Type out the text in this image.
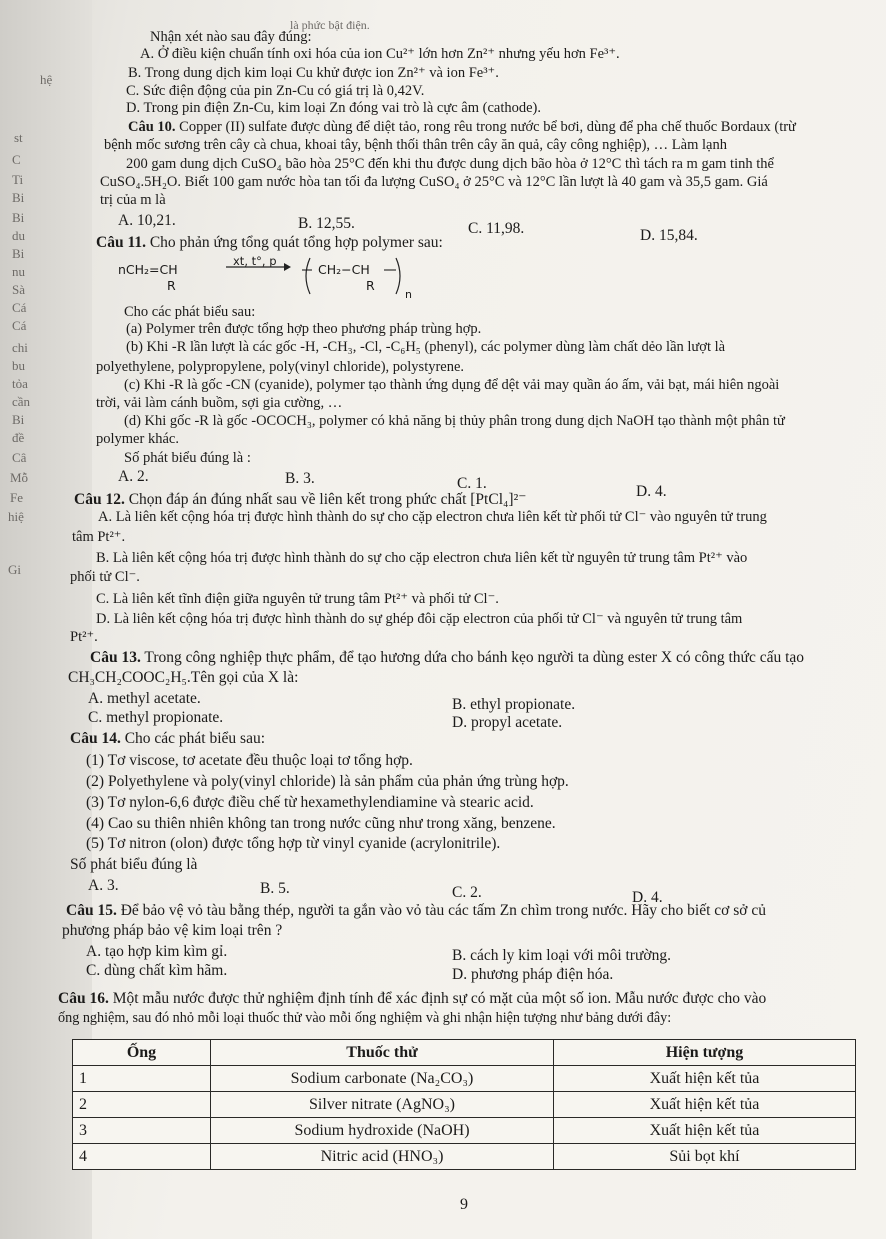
là phức bật điện.
hệ
st
C
Ti
Bi
Bi
du
Bi
nu
Sà
Cá
Cá
chi
bu
tỏa
cần
Bi
đề
Câ
Mỗ
Fe
hiệ
Gi
Nhận xét nào sau đây đúng:
A. Ở điều kiện chuẩn tính oxi hóa của ion Cu²⁺ lớn hơn Zn²⁺ nhưng yếu hơn Fe³⁺.
B. Trong dung dịch kim loại Cu khử được ion Zn²⁺ và ion Fe³⁺.
C. Sức điện động của pin Zn-Cu có giá trị là 0,42V.
D. Trong pin điện Zn-Cu, kim loại Zn đóng vai trò là cực âm (cathode).
Câu 10. Copper (II) sulfate được dùng để diệt tảo, rong rêu trong nước bể bơi, dùng để pha chế thuốc Bordaux (trừ
bệnh mốc sương trên cây cà chua, khoai tây, bệnh thối thân trên cây ăn quả, cây công nghiệp), … Làm lạnh
200 gam dung dịch CuSO₄ bão hòa 25°C đến khi thu được dung dịch bão hòa ở 12°C thì tách ra m gam tinh thể
CuSO₄.5H₂O. Biết 100 gam nước hòa tan tối đa lượng CuSO₄ ở 25°C và 12°C lần lượt là 40 gam và 35,5 gam. Giá
trị của m là
A. 10,21.	B. 12,55.	C. 11,98.	D. 15,84.
Câu 11. Cho phản ứng tổng quát tổng hợp polymer sau:
nCH₂=CH
R
xt, t°, p
CH₂−CH
R
n
Cho các phát biểu sau:
(a) Polymer trên được tổng hợp theo phương pháp trùng hợp.
(b) Khi -R lần lượt là các gốc -H, -CH₃, -Cl, -C₆H₅ (phenyl), các polymer dùng làm chất dẻo lần lượt là
polyethylene, polypropylene, poly(vinyl chloride), polystyrene.
(c) Khi -R là gốc -CN (cyanide), polymer tạo thành ứng dụng để dệt vải may quần áo ấm, vải bạt, mái hiên ngoài
trời, vải làm cánh buồm, sợi gia cường, …
(d) Khi gốc -R là gốc -OCOCH₃, polymer có khả năng bị thủy phân trong dung dịch NaOH tạo thành một phân tử
polymer khác.
Số phát biểu đúng là :
A. 2.	B. 3.	C. 1.	D. 4.
Câu 12. Chọn đáp án đúng nhất sau về liên kết trong phức chất [PtCl₄]²⁻
A. Là liên kết cộng hóa trị được hình thành do sự cho cặp electron chưa liên kết từ phối tử Cl⁻ vào nguyên tử trung
tâm Pt²⁺.
B. Là liên kết cộng hóa trị được hình thành do sự cho cặp electron chưa liên kết từ nguyên tử trung tâm Pt²⁺ vào
phối tử Cl⁻.
C. Là liên kết tĩnh điện giữa nguyên tử trung tâm Pt²⁺ và phối tử Cl⁻.
D. Là liên kết cộng hóa trị được hình thành do sự ghép đôi cặp electron của phối tử Cl⁻ và nguyên tử trung tâm
Pt²⁺.
Câu 13. Trong công nghiệp thực phẩm, để tạo hương dứa cho bánh kẹo người ta dùng ester X có công thức cấu tạo
CH₃CH₂COOC₂H₅.Tên gọi của X là:
A. methyl acetate.	B. ethyl propionate.
C. methyl propionate.	D. propyl acetate.
Câu 14. Cho các phát biểu sau:
(1) Tơ viscose, tơ acetate đều thuộc loại tơ tổng hợp.
(2) Polyethylene và poly(vinyl chloride) là sản phẩm của phản ứng trùng hợp.
(3) Tơ nylon-6,6 được điều chế từ hexamethylendiamine và stearic acid.
(4) Cao su thiên nhiên không tan trong nước cũng như trong xăng, benzene.
(5) Tơ nitron (olon) được tổng hợp từ vinyl cyanide (acrylonitrile).
Số phát biểu đúng là
A. 3.	B. 5.	C. 2.	D. 4.
Câu 15. Để bảo vệ vỏ tàu bằng thép, người ta gắn vào vỏ tàu các tấm Zn chìm trong nước. Hãy cho biết cơ sở củ
phương pháp bảo vệ kim loại trên ?
A. tạo hợp kim kìm gỉ.	B. cách ly kim loại với môi trường.
C. dùng chất kìm hãm.	D. phương pháp điện hóa.
Câu 16. Một mẫu nước được thử nghiệm định tính để xác định sự có mặt của một số ion. Mẫu nước được cho vào
ống nghiệm, sau đó nhỏ mỗi loại thuốc thử vào mỗi ống nghiệm và ghi nhận hiện tượng như bảng dưới đây:
Ống	Thuốc thử	Hiện tượng
1	Sodium carbonate (Na₂CO₃)	Xuất hiện kết tủa
2	Silver nitrate (AgNO₃)	Xuất hiện kết tủa
3	Sodium hydroxide (NaOH)	Xuất hiện kết tủa
4	Nitric acid (HNO₃)	Sủi bọt khí
9
